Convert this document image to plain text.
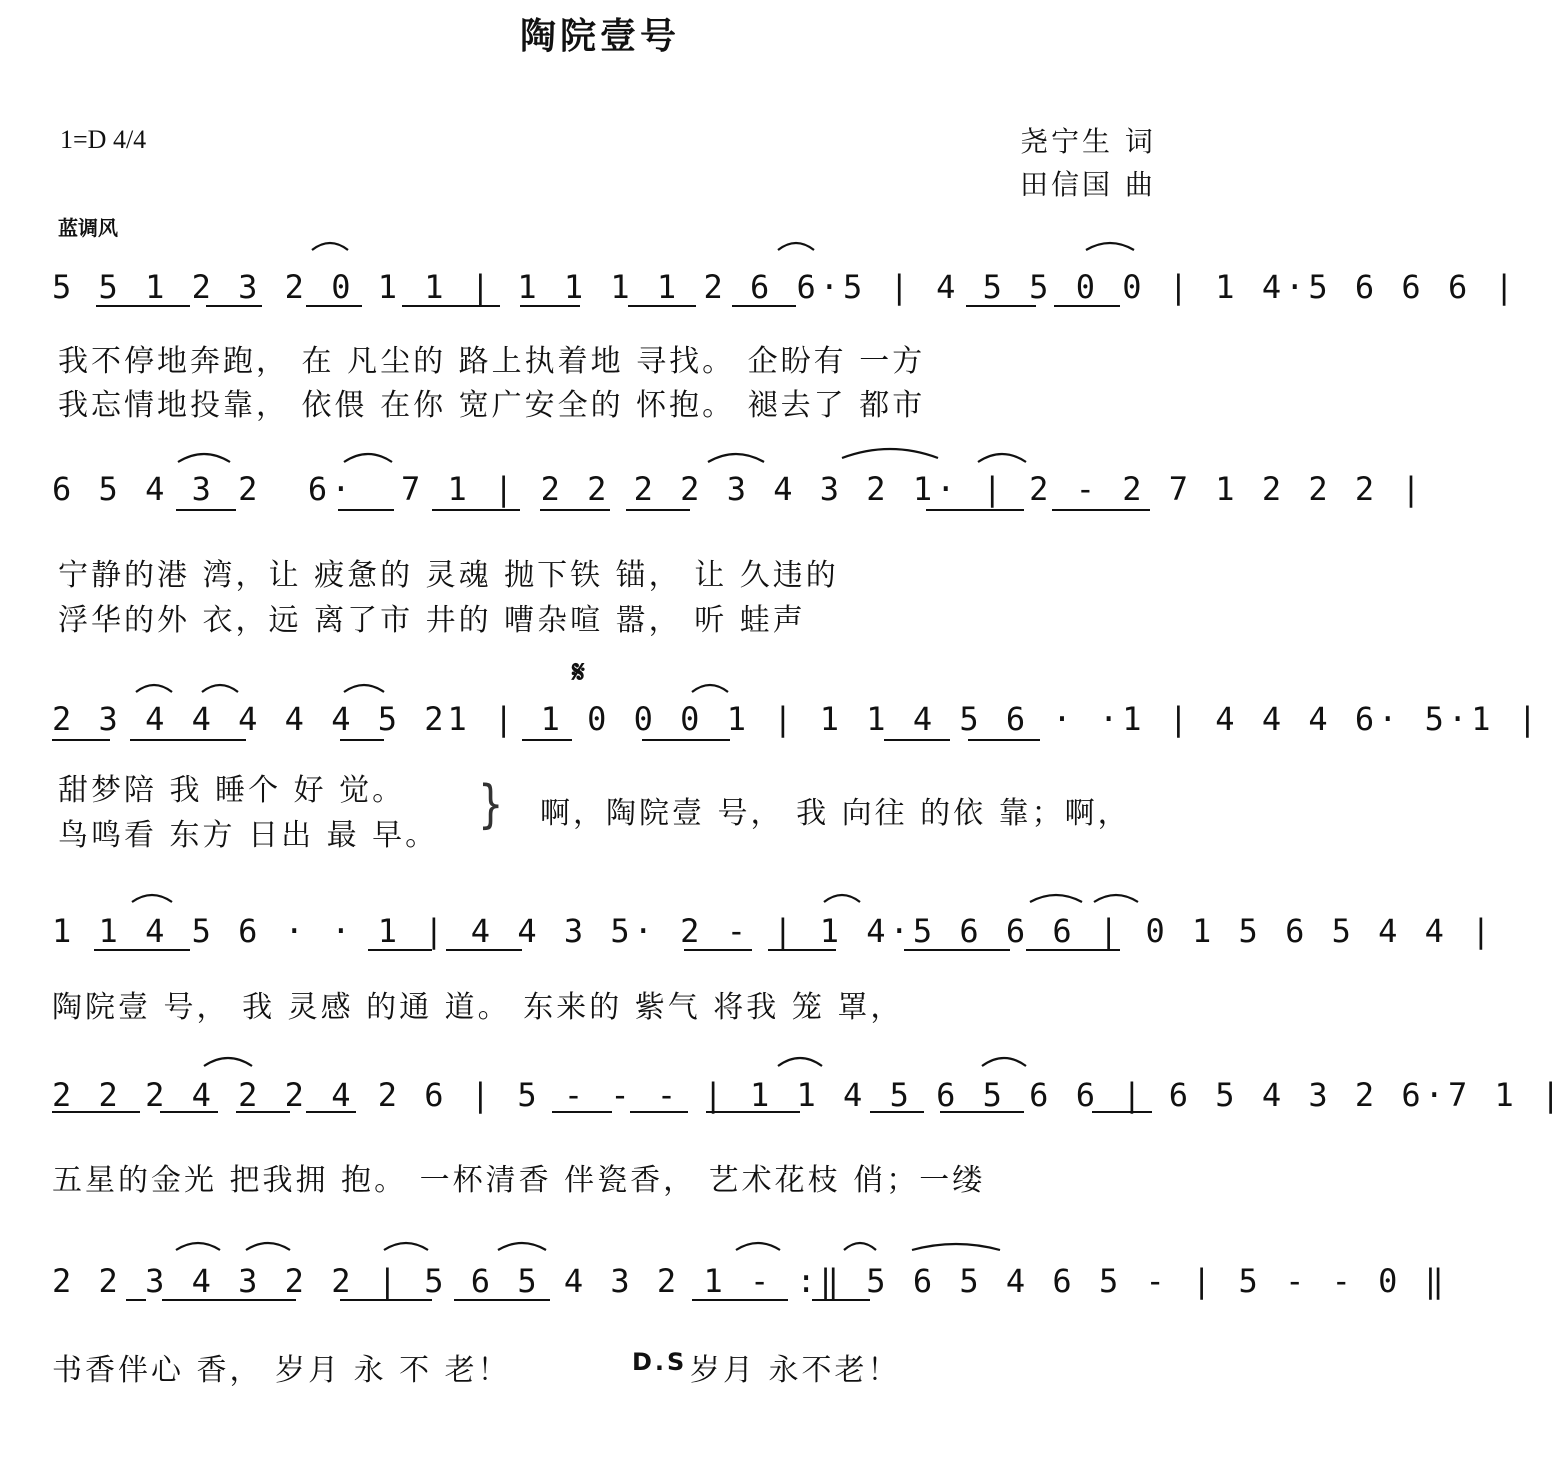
陶院壹号
1=D 4/4	尧宁生 词
田信国 曲
蓝调风
5 5 1 2 3 2 0 1 1 | 1 1 1 1 2 6 6·5 | 4 5 5 0 0 | 1 4·5 6 6 6 |
我不停地奔跑， 在 凡尘的 路上执着地 寻找。 企盼有 一方
我忘情地投靠， 依偎 在你 宽广安全的 怀抱。 褪去了 都市
6 5 4 3 2  6·  7 1 | 2 2 2 2 3 4 3 2 1· | 2 - 2 7 1 2 2 2 |
宁静的港 湾，让 疲惫的 灵魂 抛下铁 锚， 让 久违的
浮华的外 衣，远 离了市 井的 嘈杂喧 嚣， 听 蛙声
𝄋
2 3 4 4 4 4 4 5 21 | 1 0 0 0 1 | 1 1 4 5 6 · ·1 | 4 4 4 6· 5·1 |
甜梦陪 我 睡个 好 觉。
鸟鸣看 东方 日出 最 早。
} 啊，陶院壹 号， 我 向往 的依 靠；啊，
1 1 4 5 6 · · 1 | 4 4 3 5· 2 - | 1 4·5 6 6 6 | 0 1 5 6 5 4 4 |
陶院壹 号， 我 灵感 的通 道。 东来的 紫气 将我 笼 罩，
2 2 2 4 2 2 4 2 6 | 5 - - - | 1 1 4 5 6 5 6 6 | 6 5 4 3 2 6·7 1 |
五星的金光 把我拥 抱。 一杯清香 伴瓷香， 艺术花枝 俏；一缕
2 2 3 4 3 2 2 | 5 6 5 4 3 2 1 - :‖ 5 6 5 4 6 5 - | 5 - - 0 ‖
书香伴心 香， 岁月 永 不 老！	D.S 岁月 永不老！
